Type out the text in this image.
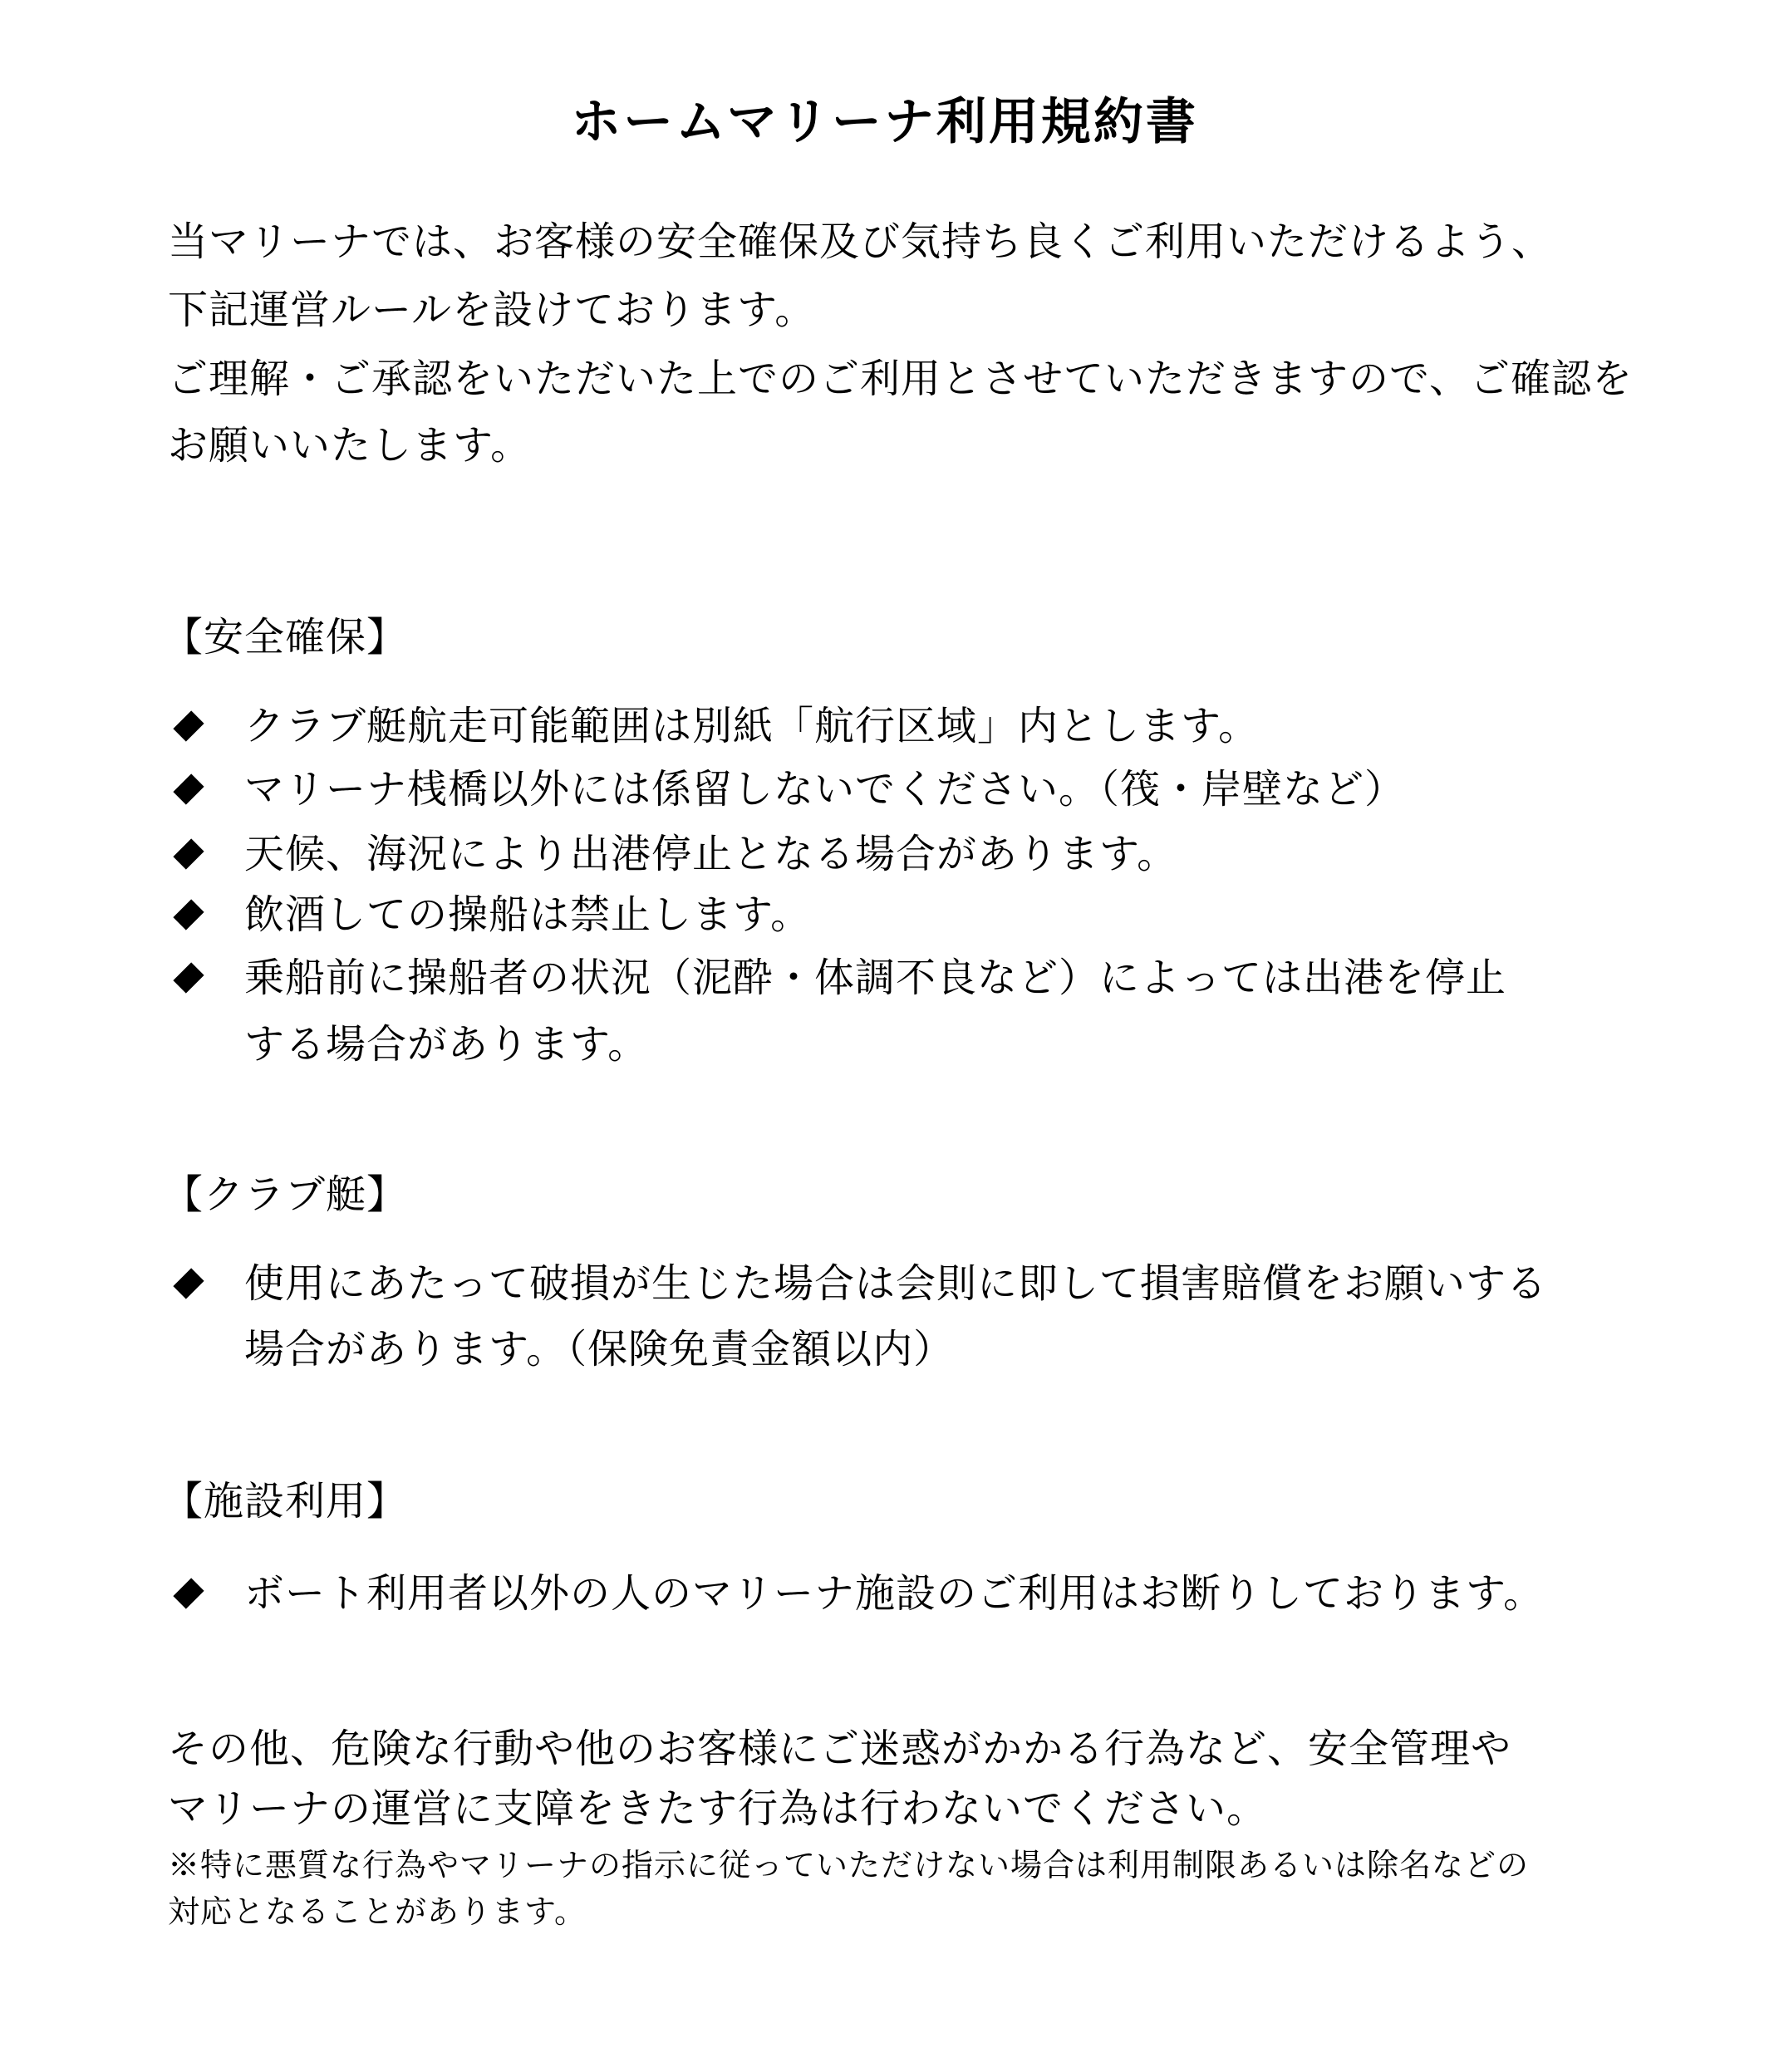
ホームマリーナ利用規約書
当マリーナでは、お客様の安全確保及び気持ち良くご利用いただけるよう、
下記運営ルールを設けております。
ご理解・ご承認をいただいた上でのご利用とさせていただきますので、ご確認を
お願いいたします。
【安全確保】
クラブ艇航走可能範囲は別紙「航行区域」内とします。
マリーナ桟橋以外には係留しないでください。（筏・岸壁など）
天候、海況により出港停止となる場合があります。
飲酒しての操船は禁止します。
乗船前に操船者の状況（泥酔・体調不良など）によっては出港を停止
する場合があります。
【クラブ艇】
使用にあたって破損が生じた場合は会則に即して損害賠償をお願いする
場合があります。（保険免責金額以内）
【施設利用】
ボート利用者以外の人のマリーナ施設のご利用はお断りしております。
その他、危険な行動や他のお客様にご迷惑がかかる行為など、安全管理や
マリーナの運営に支障をきたす行為は行わないでください。
※特に悪質な行為やマリーナの指示に従っていただけない場合は利用制限あるいは除名などの
対応となることがあります。
